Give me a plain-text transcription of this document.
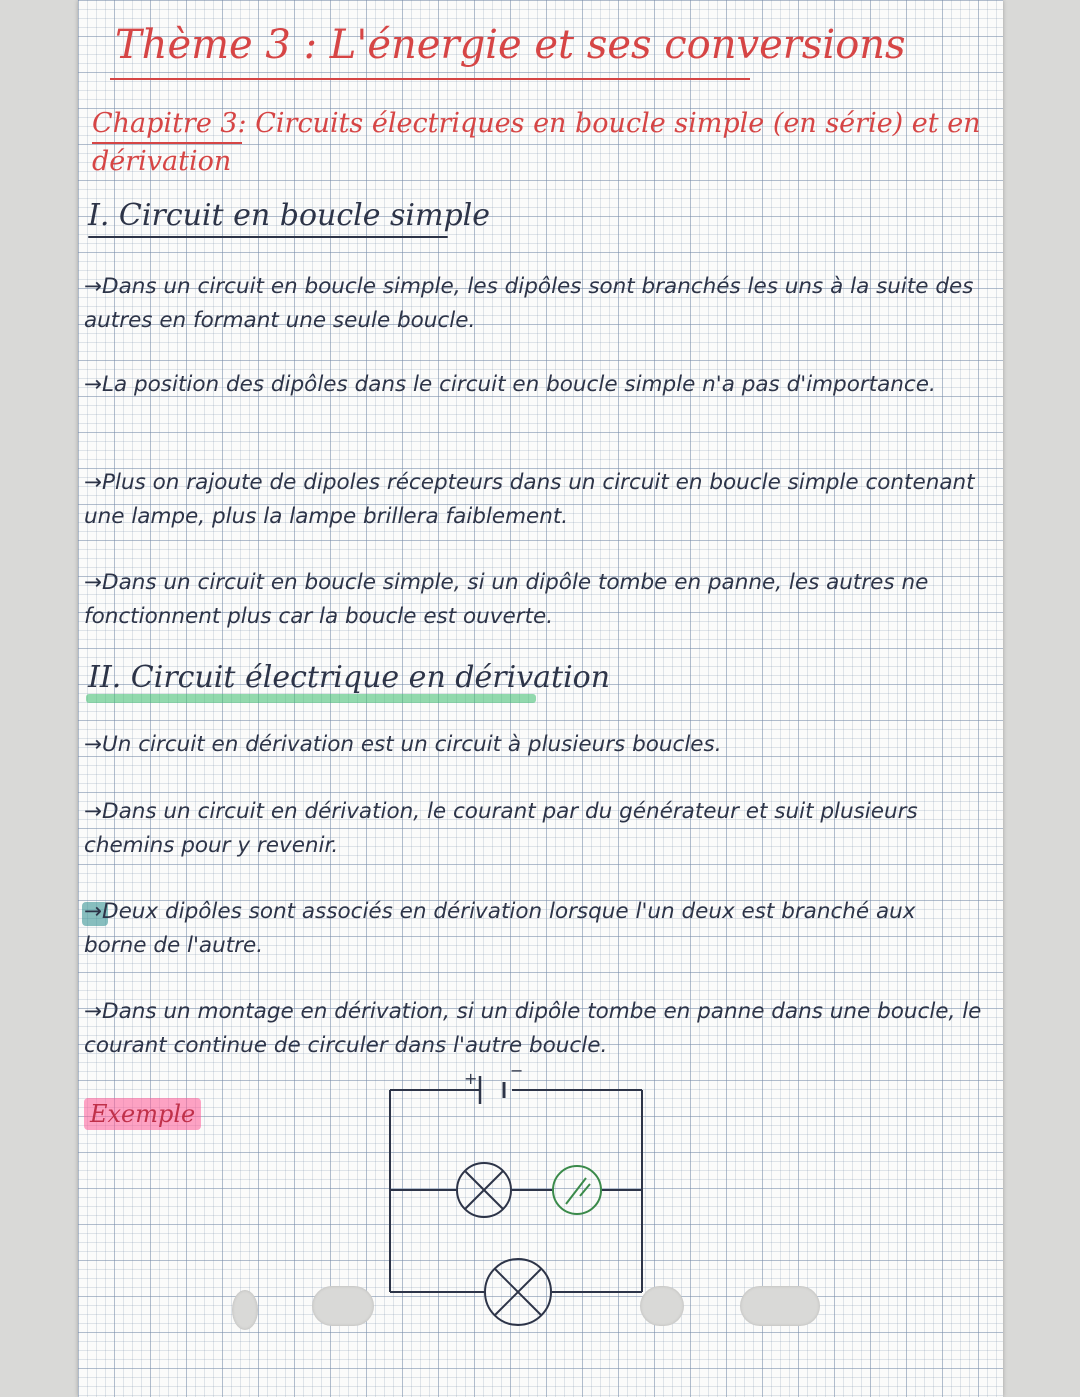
Thème 3 : L'énergie et ses conversions
Chapitre 3: Circuits électriques en boucle simple (en série) et en dérivation
I. Circuit en boucle simple
→Dans un circuit en boucle simple, les dipôles sont branchés les uns à la suite des autres en formant une seule boucle.
→La position des dipôles dans le circuit en boucle simple n'a pas d'importance.
→Plus on rajoute de dipoles récepteurs dans un circuit en boucle simple contenant une lampe, plus la lampe brillera faiblement.
→Dans un circuit en boucle simple, si un dipôle tombe en panne, les autres ne fonctionnent plus car la boucle est ouverte.
II. Circuit électrique en dérivation
→Un circuit en dérivation est un circuit à plusieurs boucles.
→Dans un circuit en dérivation, le courant par du générateur et suit plusieurs chemins pour y revenir.
→Deux dipôles sont associés en dérivation lorsque l'un deux est branché aux borne de l'autre.
→Dans un montage en dérivation, si un dipôle tombe en panne dans une boucle, le courant continue de circuler dans l'autre boucle.
Exemple
+ −
